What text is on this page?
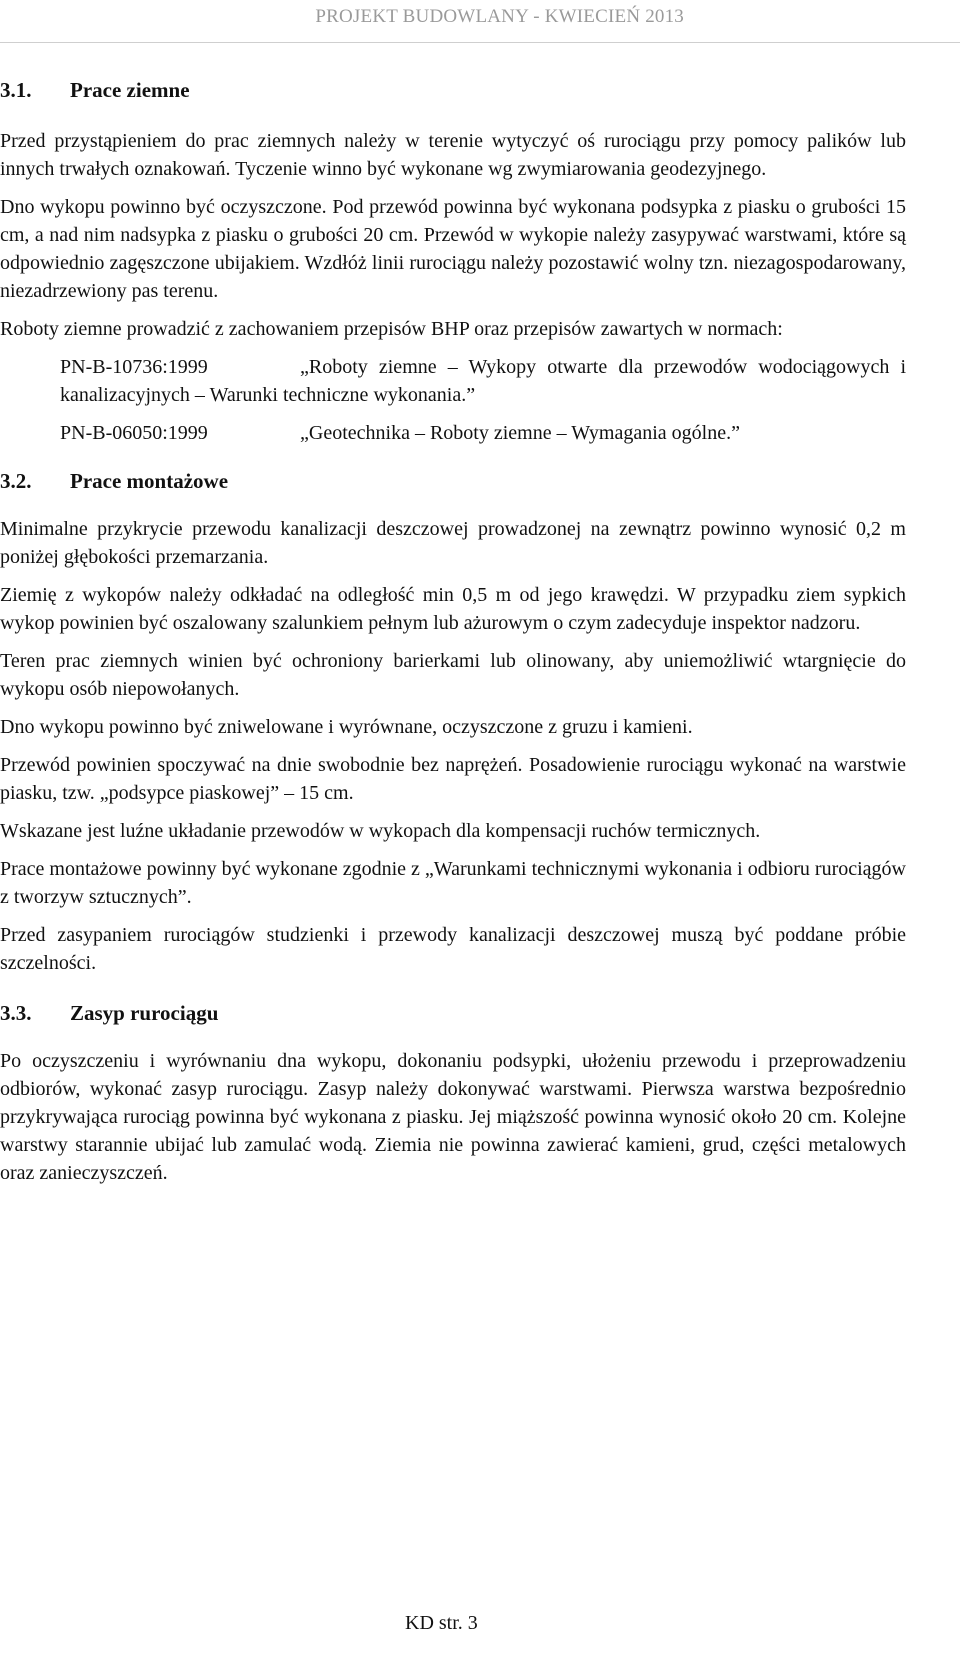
PROJEKT BUDOWLANY - KWIECIEŃ 2013
3.1. Prace ziemne

Przed przystąpieniem do prac ziemnych należy w terenie wytyczyć oś rurociągu przy pomocy palików lub innych trwałych oznakowań. Tyczenie winno być wykonane wg zwymiarowania geodezyjnego.

Dno wykopu powinno być oczyszczone. Pod przewód powinna być wykonana podsypka z piasku o grubości 15 cm, a nad nim nadsypka z piasku o grubości 20 cm. Przewód w wykopie należy zasypywać warstwami, które są odpowiednio zagęszczone ubijakiem. Wzdłóż linii rurociągu należy pozostawić wolny tzn. niezagospodarowany, niezadrzewiony pas terenu.

Roboty ziemne prowadzić z zachowaniem przepisów BHP oraz przepisów zawartych w normach:

PN-B-10736:1999	„Roboty ziemne – Wykopy otwarte dla przewodów wodociągowych i kanalizacyjnych – Warunki techniczne wykonania.”

PN-B-06050:1999	„Geotechnika – Roboty ziemne – Wymagania ogólne.”

3.2. Prace montażowe

Minimalne przykrycie przewodu kanalizacji deszczowej prowadzonej na zewnątrz powinno wynosić 0,2 m poniżej głębokości przemarzania.

Ziemię z wykopów należy odkładać na odległość min 0,5 m od jego krawędzi. W przypadku ziem sypkich wykop powinien być oszalowany szalunkiem pełnym lub ażurowym o czym zadecyduje inspektor nadzoru.

Teren prac ziemnych winien być ochroniony barierkami lub olinowany, aby uniemożliwić wtargnięcie do wykopu osób niepowołanych.

Dno wykopu powinno być zniwelowane i wyrównane, oczyszczone z gruzu i kamieni.

Przewód powinien spoczywać na dnie swobodnie bez naprężeń. Posadowienie rurociągu wykonać na warstwie piasku, tzw. „podsypce piaskowej” – 15 cm.

Wskazane jest luźne układanie przewodów w wykopach dla kompensacji ruchów termicznych.

Prace montażowe powinny być wykonane zgodnie z „Warunkami technicznymi wykonania i odbioru rurociągów z tworzyw sztucznych”.

Przed zasypaniem rurociągów studzienki i przewody kanalizacji deszczowej muszą być poddane próbie szczelności.

3.3. Zasyp rurociągu

Po oczyszczeniu i wyrównaniu dna wykopu, dokonaniu podsypki, ułożeniu przewodu i przeprowadzeniu odbiorów, wykonać zasyp rurociągu. Zasyp należy dokonywać warstwami. Pierwsza warstwa bezpośrednio przykrywająca rurociąg powinna być wykonana z piasku. Jej miąższość powinna wynosić około 20 cm. Kolejne warstwy starannie ubijać lub zamulać wodą. Ziemia nie powinna zawierać kamieni, grud, części metalowych oraz zanieczyszczeń.

KD str. 3
